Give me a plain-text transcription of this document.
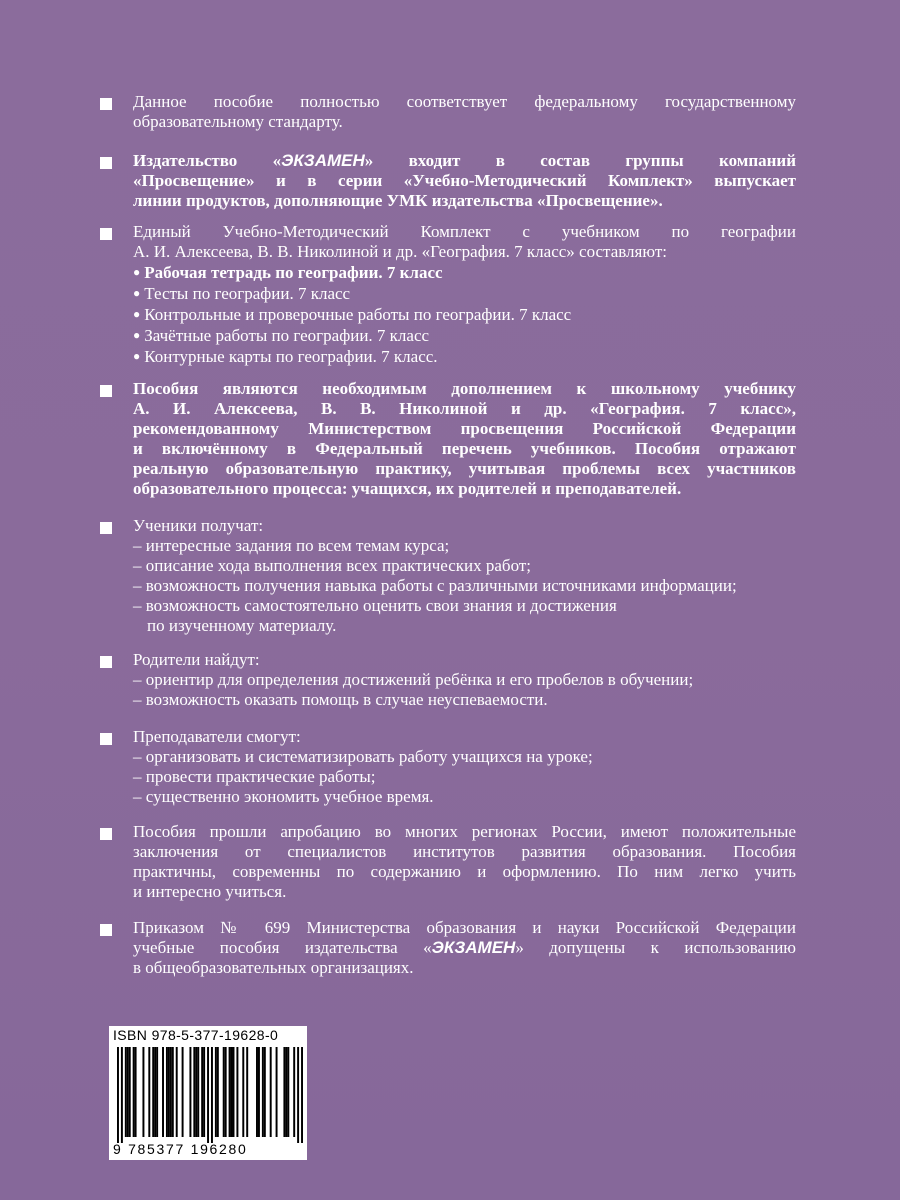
Данное пособие полностью соответствует федеральному государственному
образовательному стандарту.
Издательство «ЭКЗАМЕН» входит в состав группы компаний
«Просвещение» и в серии «Учебно-Методический Комплект» выпускает
линии продуктов, дополняющие УМК издательства «Просвещение».
Единый Учебно-Методический Комплект с учебником по географии
А. И. Алексеева, В. В. Николиной и др. «География. 7 класс» составляют:
● Рабочая тетрадь по географии. 7 класс
● Тесты по географии. 7 класс
● Контрольные и проверочные работы по географии. 7 класс
● Зачётные работы по географии. 7 класс
● Контурные карты по географии. 7 класс.
Пособия являются необходимым дополнением к школьному учебнику
А. И. Алексеева, В. В. Николиной и др. «География. 7 класс»,
рекомендованному Министерством просвещения Российской Федерации
и включённому в Федеральный перечень учебников. Пособия отражают
реальную образовательную практику, учитывая проблемы всех участников
образовательного процесса: учащихся, их родителей и преподавателей.
Ученики получат:
– интересные задания по всем темам курса;
– описание хода выполнения всех практических работ;
– возможность получения навыка работы с различными источниками информации;
– возможность самостоятельно оценить свои знания и достижения
по изученному материалу.
Родители найдут:
– ориентир для определения достижений ребёнка и его пробелов в обучении;
– возможность оказать помощь в случае неуспеваемости.
Преподаватели смогут:
– организовать и систематизировать работу учащихся на уроке;
– провести практические работы;
– существенно экономить учебное время.
Пособия прошли апробацию во многих регионах России, имеют положительные
заключения от специалистов институтов развития образования. Пособия
практичны, современны по содержанию и оформлению. По ним легко учить
и интересно учиться.
Приказом № 699 Министерства образования и науки Российской Федерации
учебные пособия издательства «ЭКЗАМЕН» допущены к использованию
в общеобразовательных организациях.
ISBN 978-5-377-19628-0
9 785377 196280
